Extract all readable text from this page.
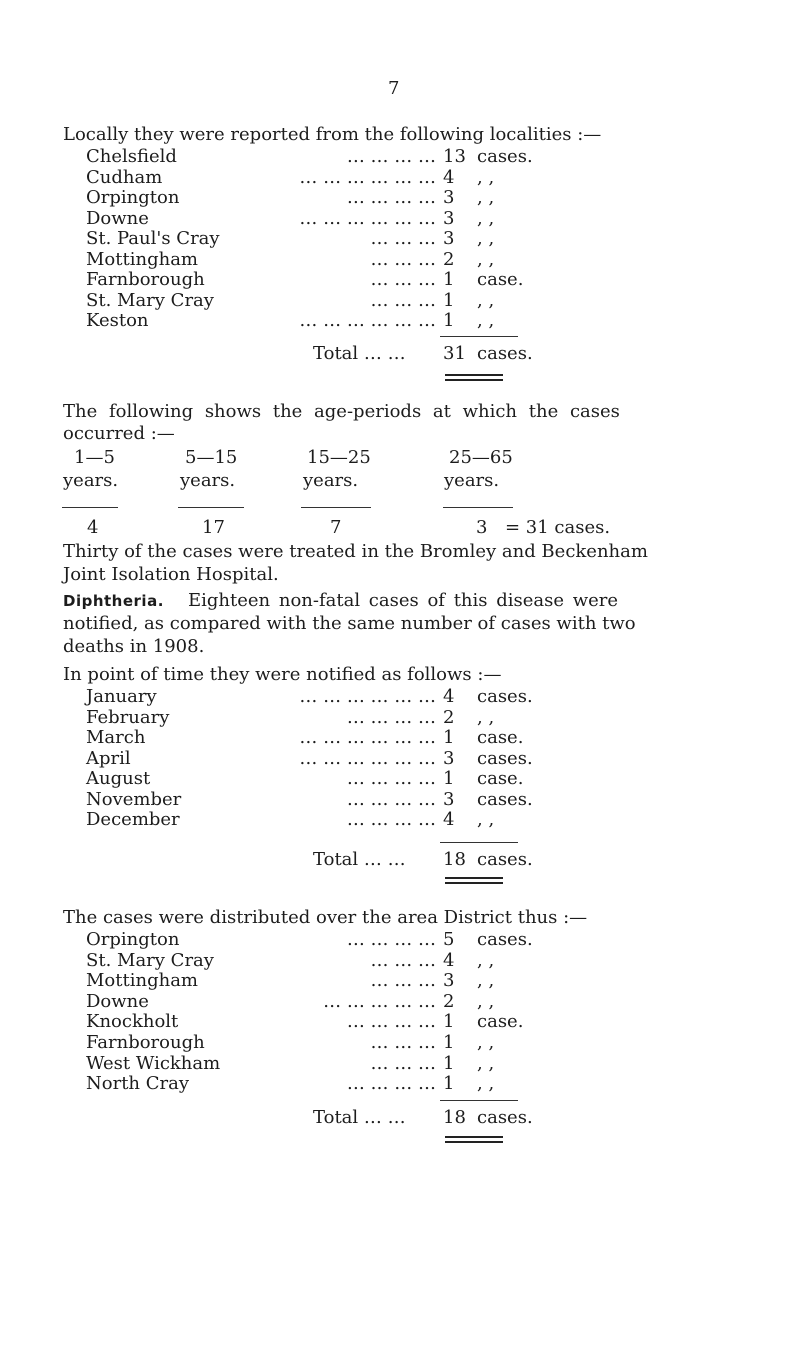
7
Locally they were reported from the following localities :—
Chelsfield	… … … … 13 cases.
Cudham	… … … … … … 4 , ,
Orpington	… … … … 3 , ,
Downe	… … … … … … 3 , ,
St. Paul's Cray	… … … 3 , ,
Mottingham	… … … 2 , ,
Farnborough	… … … 1 case.
St. Mary Cray	… … … 1 , ,
Keston	… … … … … … 1 , ,
Total … … 31 cases.
The following shows the age-periods at which the cases
occurred :—
1—5	5—15	15—25	25—65
years.	years.	years.	years.
4	17	7	3 = 31 cases.
Thirty of the cases were treated in the Bromley and Beckenham
Joint Isolation Hospital.
Diphtheria. Eighteen non-fatal cases of this disease were
notified, as compared with the same number of cases with two
deaths in 1908.
In point of time they were notified as follows :—
January	… … … … … … 4 cases.
February	… … … … 2 , ,
March	… … … … … … 1 case.
April	… … … … … … 3 cases.
August	… … … … 1 case.
November	… … … … 3 cases.
December	… … … … 4 , ,
Total … … 18 cases.
The cases were distributed over the area District thus :—
Orpington	… … … … 5 cases.
St. Mary Cray	… … … 4 , ,
Mottingham	… … … 3 , ,
Downe	… … … … … 2 , ,
Knockholt	… … … … 1 case.
Farnborough	… … … 1 , ,
West Wickham	… … … 1 , ,
North Cray	… … … … 1 , ,
Total … … 18 cases.
